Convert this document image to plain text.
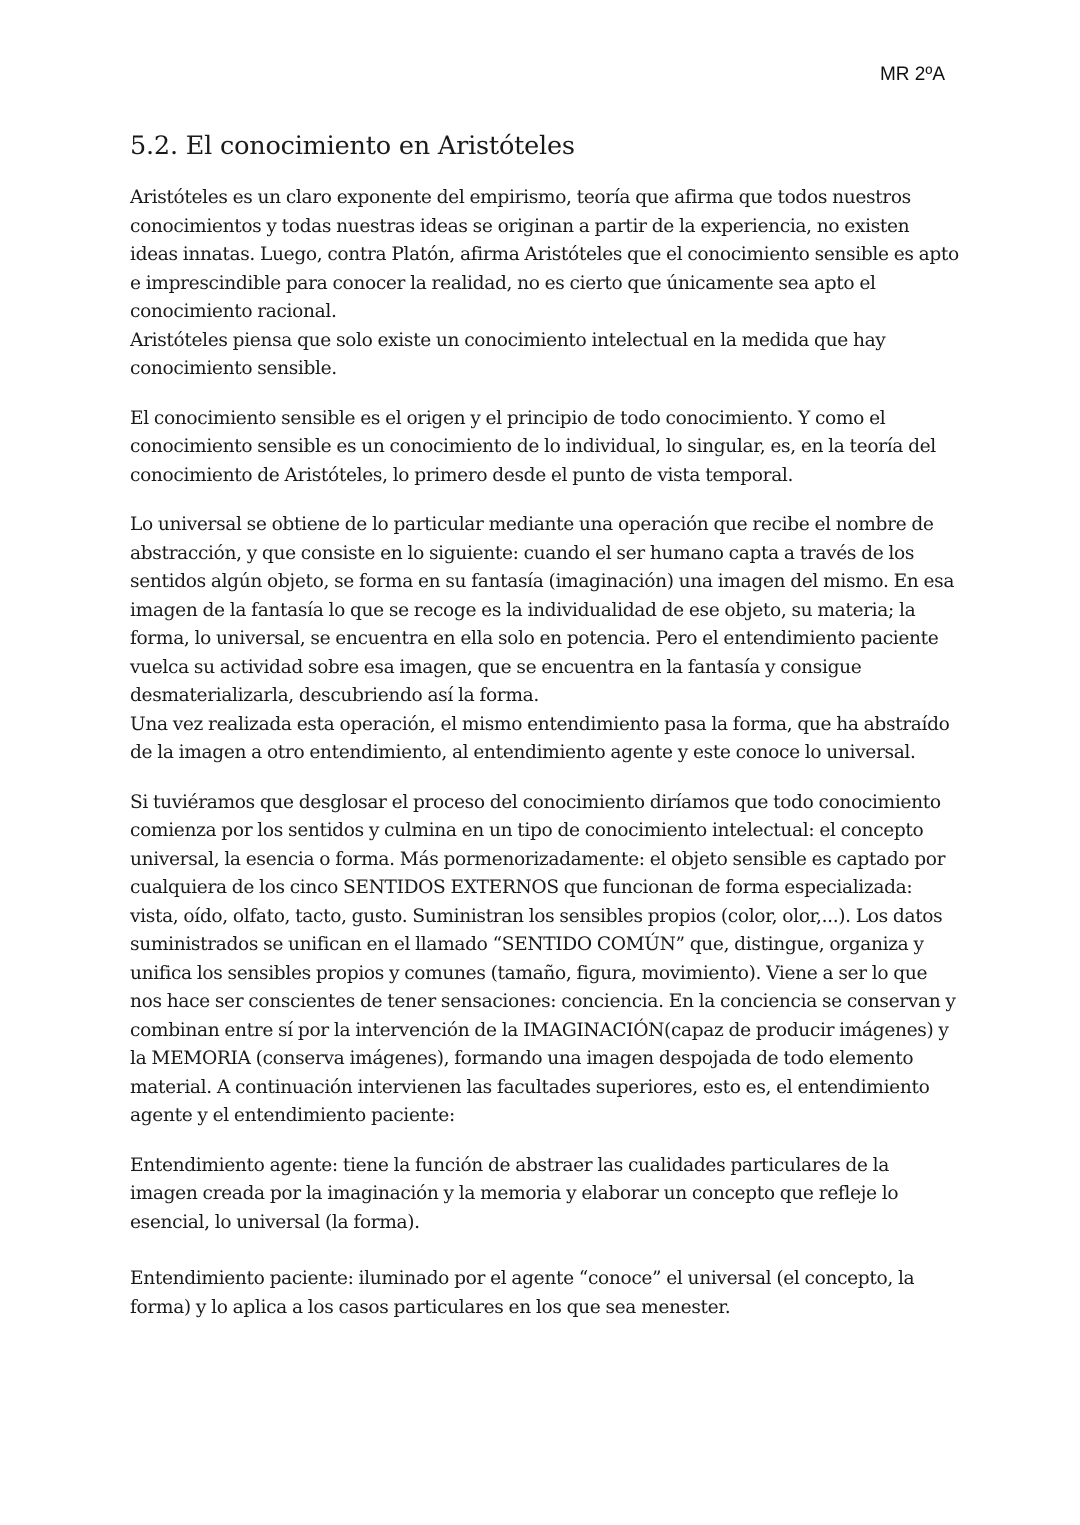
MR 2ºA
5.2. El conocimiento en Aristóteles

Aristóteles es un claro exponente del empirismo, teoría que afirma que todos nuestros conocimientos y todas nuestras ideas se originan a partir de la experiencia, no existen ideas innatas. Luego, contra Platón, afirma Aristóteles que el conocimiento sensible es apto e imprescindible para conocer la realidad, no es cierto que únicamente sea apto el conocimiento racional.

Aristóteles piensa que solo existe un conocimiento intelectual en la medida que hay conocimiento sensible.

El conocimiento sensible es el origen y el principio de todo conocimiento. Y como el conocimiento sensible es un conocimiento de lo individual, lo singular, es, en la teoría del conocimiento de Aristóteles, lo primero desde el punto de vista temporal.

Lo universal se obtiene de lo particular mediante una operación que recibe el nombre de abstracción, y que consiste en lo siguiente: cuando el ser humano capta a través de los sentidos algún objeto, se forma en su fantasía (imaginación) una imagen del mismo. En esa imagen de la fantasía lo que se recoge es la individualidad de ese objeto, su materia; la forma, lo universal, se encuentra en ella solo en potencia. Pero el entendimiento paciente vuelca su actividad sobre esa imagen, que se encuentra en la fantasía y consigue desmaterializarla, descubriendo así la forma.

Una vez realizada esta operación, el mismo entendimiento pasa la forma, que ha abstraído de la imagen a otro entendimiento, al entendimiento agente y este conoce lo universal.

Si tuviéramos que desglosar el proceso del conocimiento diríamos que todo conocimiento comienza por los sentidos y culmina en un tipo de conocimiento intelectual: el concepto universal, la esencia o forma. Más pormenorizadamente: el objeto sensible es captado por cualquiera de los cinco SENTIDOS EXTERNOS que funcionan de forma especializada: vista, oído, olfato, tacto, gusto. Suministran los sensibles propios (color, olor,...). Los datos suministrados se unifican en el llamado “SENTIDO COMÚN” que, distingue, organiza y unifica los sensibles propios y comunes (tamaño, figura, movimiento). Viene a ser lo que nos hace ser conscientes de tener sensaciones: conciencia. En la conciencia se conservan y combinan entre sí por la intervención de la IMAGINACIÓN(capaz de producir imágenes) y la MEMORIA (conserva imágenes), formando una imagen despojada de todo elemento material. A continuación intervienen las facultades superiores, esto es, el entendimiento agente y el entendimiento paciente:

Entendimiento agente: tiene la función de abstraer las cualidades particulares de la imagen creada por la imaginación y la memoria y elaborar un concepto que refleje lo esencial, lo universal (la forma).

Entendimiento paciente: iluminado por el agente “conoce” el universal (el concepto, la forma) y lo aplica a los casos particulares en los que sea menester.
